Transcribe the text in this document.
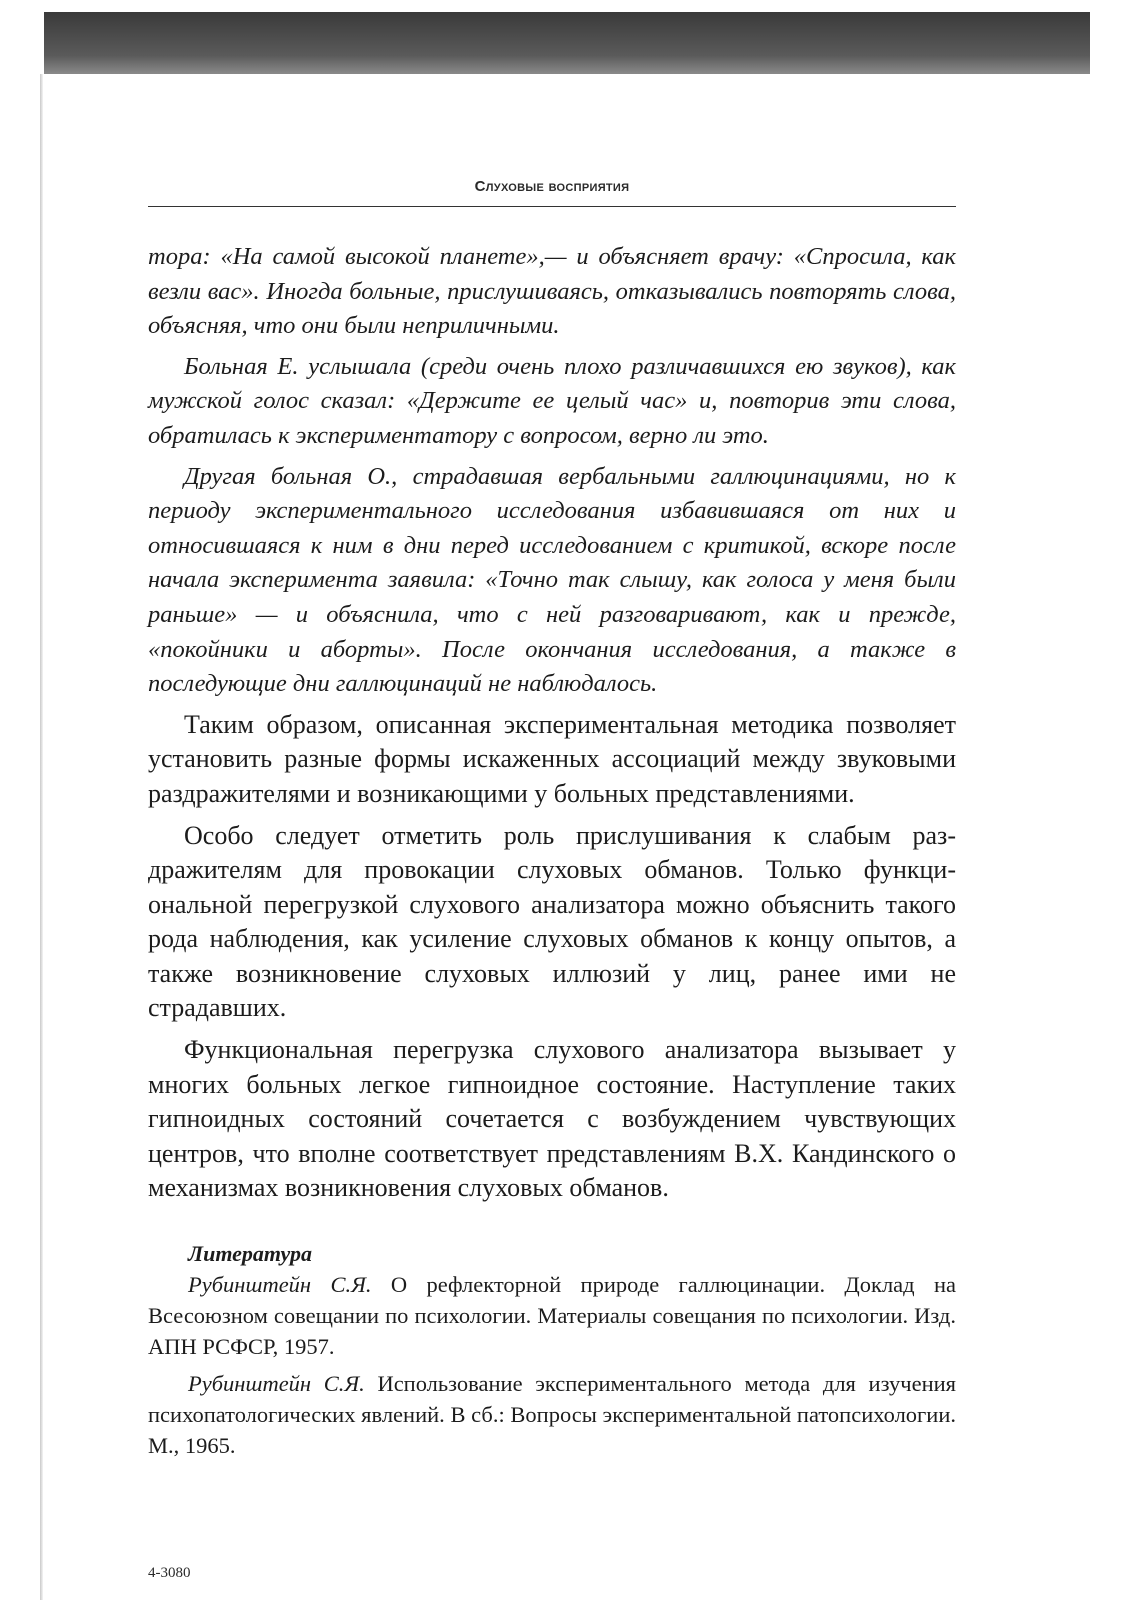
Слуховые восприятия

тора: «На самой высокой планете»,— и объясняет врачу: «Спросила, как везли вас». Иногда больные, прислушиваясь, отказывались повторять слова, объясняя, что они были неприличными.

Больная Е. услышала (среди очень плохо различавшихся ею звуков), как мужской голос сказал: «Держите ее целый час» и, повторив эти слова, обратилась к экспериментатору с вопросом, верно ли это.

Другая больная О., страдавшая вербальными галлюцинациями, но к периоду экспериментального исследования избавившаяся от них и относившаяся к ним в дни перед исследованием с критикой, вскоре после начала эксперимента заявила: «Точно так слышу, как голоса у меня были раньше» — и объяснила, что с ней разговаривают, как и прежде, «покойники и аборты». После окончания исследования, а также в последующие дни галлюцинаций не наблюдалось.

Таким образом, описанная экспериментальная методика позволяет установить разные формы искаженных ассоциаций между звуковыми раздражителями и возникающими у больных представлениями.

Особо следует отметить роль прислушивания к слабым раздражителям для провокации слуховых обманов. Только функциональной перегрузкой слухового анализатора можно объяснить такого рода наблюдения, как усиление слуховых обманов к концу опытов, а также возникновение слуховых иллюзий у лиц, ранее ими не страдавших.

Функциональная перегрузка слухового анализатора вызывает у многих больных легкое гипноидное состояние. Наступление таких гипноидных состояний сочетается с возбуждением чувствующих центров, что вполне соответствует представлениям В.Х. Кандинского о механизмах возникновения слуховых обманов.

Литература

Рубинштейн С.Я. О рефлекторной природе галлюцинации. Доклад на Всесоюзном совещании по психологии. Материалы совещания по психологии. Изд. АПН РСФСР, 1957.

Рубинштейн С.Я. Использование экспериментального метода для изучения психопатологических явлений. В сб.: Вопросы экспериментальной патопсихологии. М., 1965.

4-3080
